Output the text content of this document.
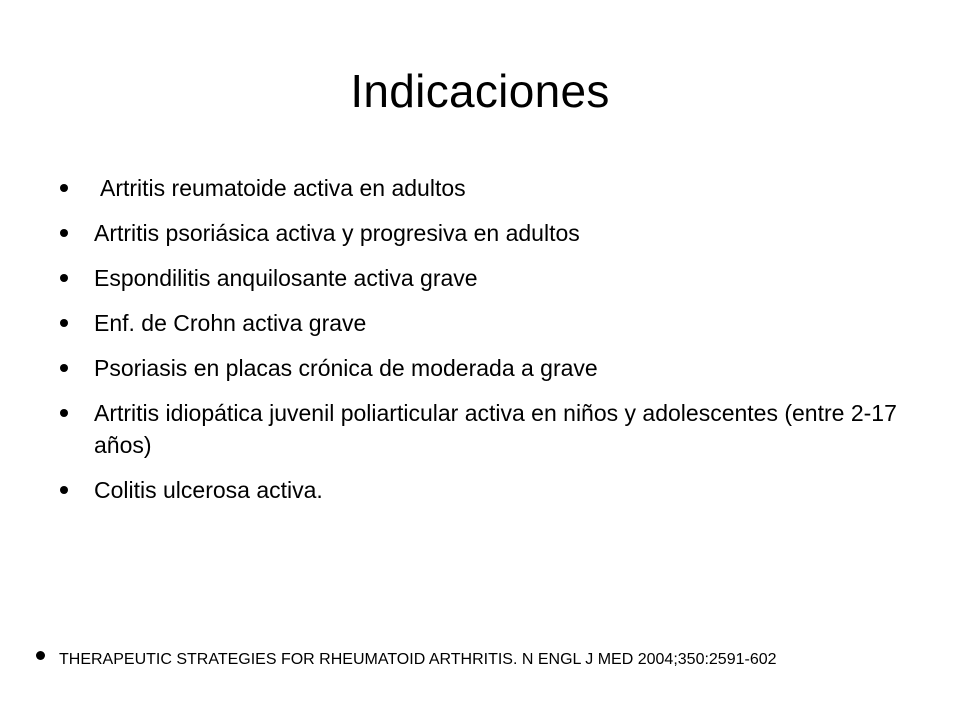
Indicaciones
Artritis reumatoide activa en adultos
Artritis psoriásica activa y progresiva en adultos
Espondilitis anquilosante activa grave
Enf. de Crohn activa grave
Psoriasis en placas crónica de moderada a grave
Artritis idiopática juvenil poliarticular activa en niños y adolescentes (entre 2-17 años)
Colitis ulcerosa activa.
THERAPEUTIC STRATEGIES FOR RHEUMATOID ARTHRITIS. N ENGL J MED 2004;350:2591-602
